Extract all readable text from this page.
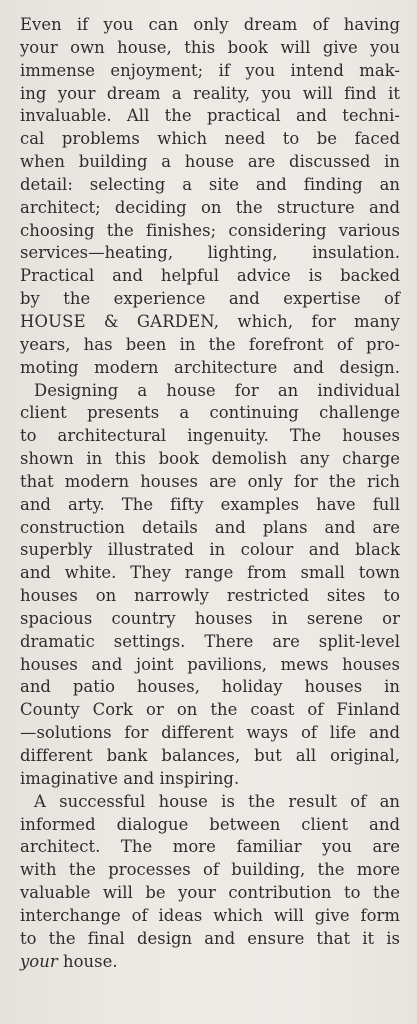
Even if you can only dream of having
your own house, this book will give you
immense enjoyment; if you intend mak-
ing your dream a reality, you will find it
invaluable. All the practical and techni-
cal problems which need to be faced
when building a house are discussed in
detail: selecting a site and finding an
architect; deciding on the structure and
choosing the finishes; considering various
services—heating, lighting, insulation.
Practical and helpful advice is backed
by the experience and expertise of
HOUSE & GARDEN, which, for many
years, has been in the forefront of pro-
moting modern architecture and design.
Designing a house for an individual
client presents a continuing challenge
to architectural ingenuity. The houses
shown in this book demolish any charge
that modern houses are only for the rich
and arty. The fifty examples have full
construction details and plans and are
superbly illustrated in colour and black
and white. They range from small town
houses on narrowly restricted sites to
spacious country houses in serene or
dramatic settings. There are split-level
houses and joint pavilions, mews houses
and patio houses, holiday houses in
County Cork or on the coast of Finland
—solutions for different ways of life and
different bank balances, but all original,
imaginative and inspiring.
A successful house is the result of an
informed dialogue between client and
architect. The more familiar you are
with the processes of building, the more
valuable will be your contribution to the
interchange of ideas which will give form
to the final design and ensure that it is
your house.
